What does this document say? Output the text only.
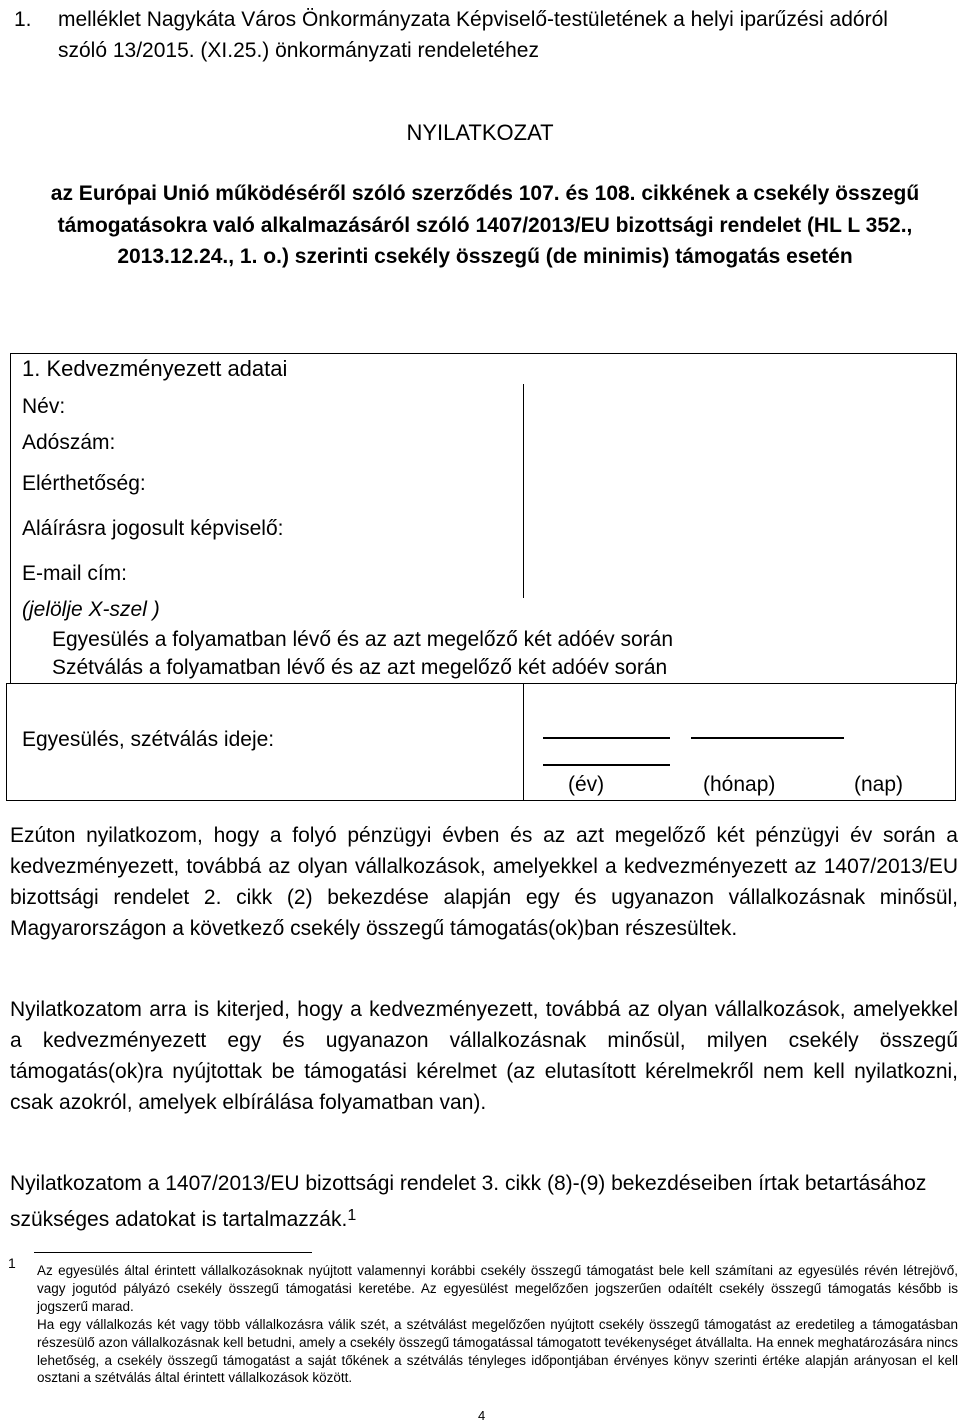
1. melléklet Nagykáta Város Önkormányzata Képviselő-testületének a helyi iparűzési adóról szóló 13/2015. (XI.25.) önkormányzati rendeletéhez
NYILATKOZAT
az Európai Unió működéséről szóló szerződés 107. és 108. cikkének a csekély összegű támogatásokra való alkalmazásáról szóló 1407/2013/EU bizottsági rendelet (HL L 352., 2013.12.24., 1. o.) szerinti csekély összegű (de minimis) támogatás esetén
1. Kedvezményezett adatai
Név:
Adószám:
Elérthetőség:
Aláírásra jogosult képviselő:
E-mail cím:
(jelölje X-szel )
Egyesülés a folyamatban lévő és az azt megelőző két adóév során
Szétválás a folyamatban lévő és az azt megelőző két adóév során
Egyesülés, szétválás ideje:
(év)	(hónap)	(nap)
Ezúton nyilatkozom, hogy a folyó pénzügyi évben és az azt megelőző két pénzügyi év során a kedvezményezett, továbbá az olyan vállalkozások, amelyekkel a kedvezményezett az 1407/2013/EU bizottsági rendelet 2. cikk (2) bekezdése alapján egy és ugyanazon vállalkozásnak minősül, Magyarországon a következő csekély összegű támogatás(ok)ban részesültek.
Nyilatkozatom arra is kiterjed, hogy a kedvezményezett, továbbá az olyan vállalkozások, amelyekkel a kedvezményezett egy és ugyanazon vállalkozásnak minősül, milyen csekély összegű támogatás(ok)ra nyújtottak be támogatási kérelmet (az elutasított kérelmekről nem kell nyilatkozni, csak azokról, amelyek elbírálása folyamatban van).
Nyilatkozatom a 1407/2013/EU bizottsági rendelet 3. cikk (8)-(9) bekezdéseiben írtak betartásához szükséges adatokat is tartalmazzák.$^1$
1 Az egyesülés által érintett vállalkozásoknak nyújtott valamennyi korábbi csekély összegű támogatást bele kell számítani az egyesülés révén létrejövő, vagy jogutód pályázó csekély összegű támogatási keretébe. Az egyesülést megelőzően jogszerűen odaítélt csekély összegű támogatás később is jogszerű marad.
Ha egy vállalkozás két vagy több vállalkozásra válik szét, a szétválást megelőzően nyújtott csekély összegű támogatást az eredetileg a támogatásban részesülő azon vállalkozásnak kell betudni, amely a csekély összegű támogatással támogatott tevékenységet átvállalta. Ha ennek meghatározására nincs lehetőség, a csekély összegű támogatást a saját tőkének a szétválás tényleges időpontjában érvényes könyv szerinti értéke alapján arányosan el kell osztani a szétválás által érintett vállalkozások között.
4
